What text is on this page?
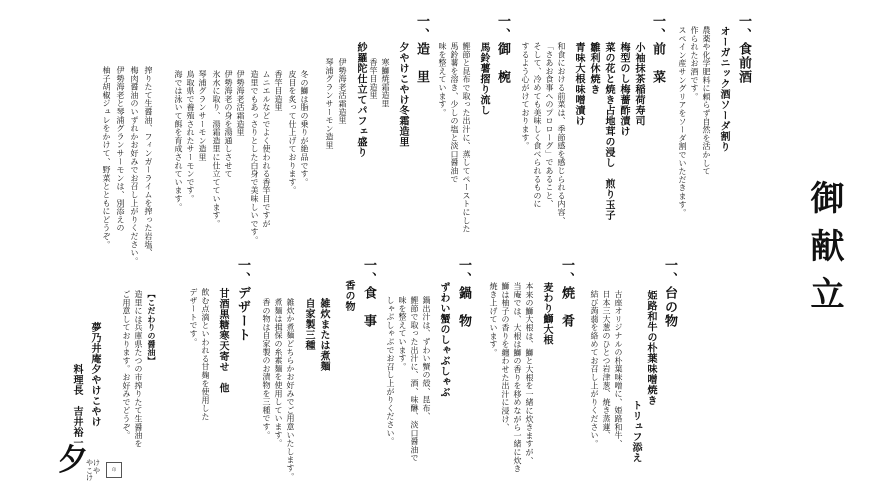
御献立
一、食前酒
オーガニック酒ソーダ割り
農薬や化学肥料に頼らず自然を活かして
作られたお酒です。
スペイン産サングリアをソーダ割でいただきます。
一、前　菜
小袖抹茶稲荷寿司
梅型のし梅薔酢漬け
菜の花と焼き占地茸の浸し　煎り玉子
雛利休焼き
青味大根味噌漬け
和食における前菜は、季節感を感じられる内容、
「さあお食事へのプロローグ」であること、
そして、冷めても美味しく食べられるものに
するよう心がけております。
一、御　椀
馬鈴薯摺り流し
鰹節と昆布で取った出汁に、蒸してペーストにした
馬鈴薯を溶き、少しの塩と淡口醤油で
味を整えています。
一、造　里
夕やけこやけ冬霜造里
寒鰤焼霜造里
香竿目造里
紗羅陀仕立てパフェ盛り
伊勢海老活霜造里
琴浦グランサーモン造里
冬の鰤は脂の乗りが絶品です。
皮目を炙って仕上げております。
香竿目造里
ムニエルなどでよく使われる香竿目ですが
造里でもあっさりとした白身で美味しいです。
伊勢海老活霜造里
伊勢海老の身を湯通しさせて
氷水に取り、湯霜造里に仕立てています。
琴浦グランサーモン造里
鳥取県で養殖されたサーモンです。
海では泳いて餌を育成されています。
搾りたて生醤油、フィンガーライムを搾った岩塩、
梅肉醤油のいずれかお好みでお召し上がりください。
伊勢海老と琴浦グランサーモンは、別添えの
柚子胡椒ジュレをかけて、野菜とともにどうぞ。
一、台の物
姫路和牛の朴葉味噌焼き
トリュフ添え
古座オリジナルの朴葉味噌に、姫路和牛、
日本三大葱のひとつ岩津葱、焼き蒸蓮、
結び蒟蒻を絡めてお召し上がりください。
一、焼　肴
麦わり鰤大根
本来の鰤大根は、鰤と大根を一緒に炊きますが、
当庵では、大根は鰤の香りを移めながら一緒に炊き
鰤は柚子の香りを纏わせた出汁に浸け、
焼き上げています。
一、鍋　物
ずわい蟹のしゃぶしゃぶ
鍋出汁は、ずわい蟹の殻、昆布、
鰹節で取った出汁に、酒、味醂、淡口醤油で
味を整えています。
しゃぶしゃぶでお召し上がりください。
一、食　事
香の物
雑炊または煮麺
自家製三種
雑炊か煮麺どちらかお好みでご用意いたします。
煮麺は揖保の糸素麺を使用しています。
香の物は自家製のお漬物を三種です。
一、デザート
甘酒黒糖寒天寄せ　他
飲む点滴といわれる甘麹を使用した
デザートです。
【こだわりの醤油】
造里には兵庫県たつの市搾りたて生醤油を
ご用意しております。お好みでどうぞ。
夢乃井庵夕やけこやけ
料理長　吉井裕一
夕
やけこやけ
印
